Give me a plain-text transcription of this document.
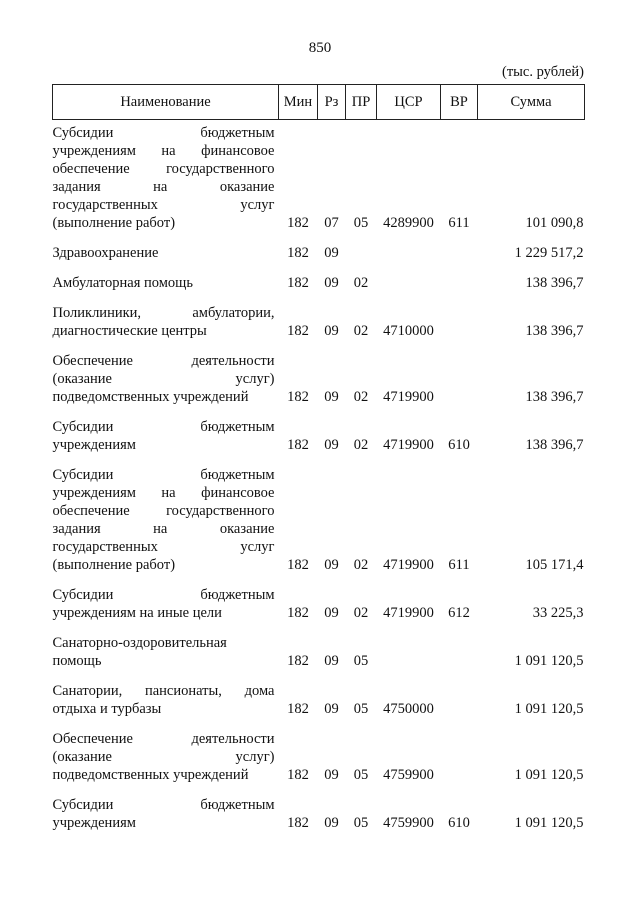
850
(тыс. рублей)
Наименование	Мин	Рз	ПР	ЦСР	ВР	Сумма
Субсидии бюджетным учреждениям на финансовое обеспечение государственного задания на оказание государственных услуг (выполнение работ)	182	07	05	4289900	611	101 090,8

Здравоохранение	182	09				1 229 517,2

Амбулаторная помощь	182	09	02			138 396,7

Поликлиники, амбулатории, диагностические центры	182	09	02	4710000		138 396,7

Обеспечение деятельности (оказание услуг) подведомственных учреждений	182	09	02	4719900		138 396,7

Субсидии бюджетным учреждениям	182	09	02	4719900	610	138 396,7

Субсидии бюджетным учреждениям на финансовое обеспечение государственного задания на оказание государственных услуг (выполнение работ)	182	09	02	4719900	611	105 171,4

Субсидии бюджетным учреждениям на иные цели	182	09	02	4719900	612	33 225,3

Санаторно-оздоровительная помощь	182	09	05			1 091 120,5

Санатории, пансионаты, дома отдыха и турбазы	182	09	05	4750000		1 091 120,5

Обеспечение деятельности (оказание услуг) подведомственных учреждений	182	09	05	4759900		1 091 120,5

Субсидии бюджетным учреждениям	182	09	05	4759900	610	1 091 120,5
